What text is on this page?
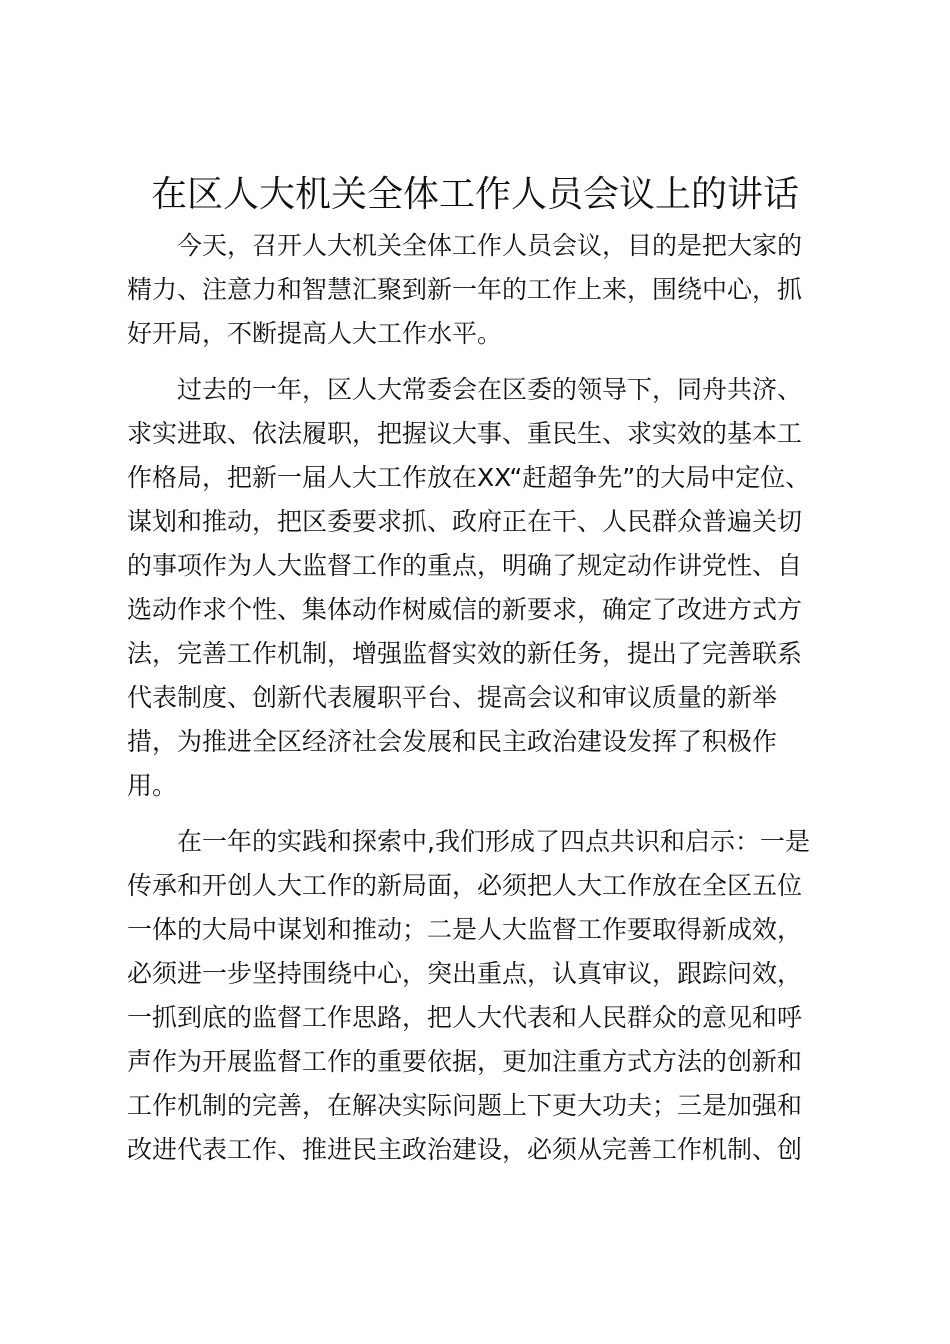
在区人大机关全体工作人员会议上的讲话
今天，召开人大机关全体工作人员会议，目的是把大家的
精力、注意力和智慧汇聚到新一年的工作上来，围绕中心，抓
好开局，不断提高人大工作水平。
过去的一年，区人大常委会在区委的领导下，同舟共济、
求实进取、依法履职，把握议大事、重民生、求实效的基本工
作格局，把新一届人大工作放在XX“赶超争先”的大局中定位、
谋划和推动，把区委要求抓、政府正在干、人民群众普遍关切
的事项作为人大监督工作的重点，明确了规定动作讲党性、自
选动作求个性、集体动作树威信的新要求，确定了改进方式方
法，完善工作机制，增强监督实效的新任务，提出了完善联系
代表制度、创新代表履职平台、提高会议和审议质量的新举
措，为推进全区经济社会发展和民主政治建设发挥了积极作
用。
在一年的实践和探索中,我们形成了四点共识和启示：一是
传承和开创人大工作的新局面，必须把人大工作放在全区五位
一体的大局中谋划和推动；二是人大监督工作要取得新成效，
必须进一步坚持围绕中心，突出重点，认真审议，跟踪问效，
一抓到底的监督工作思路，把人大代表和人民群众的意见和呼
声作为开展监督工作的重要依据，更加注重方式方法的创新和
工作机制的完善，在解决实际问题上下更大功夫；三是加强和
改进代表工作、推进民主政治建设，必须从完善工作机制、创
